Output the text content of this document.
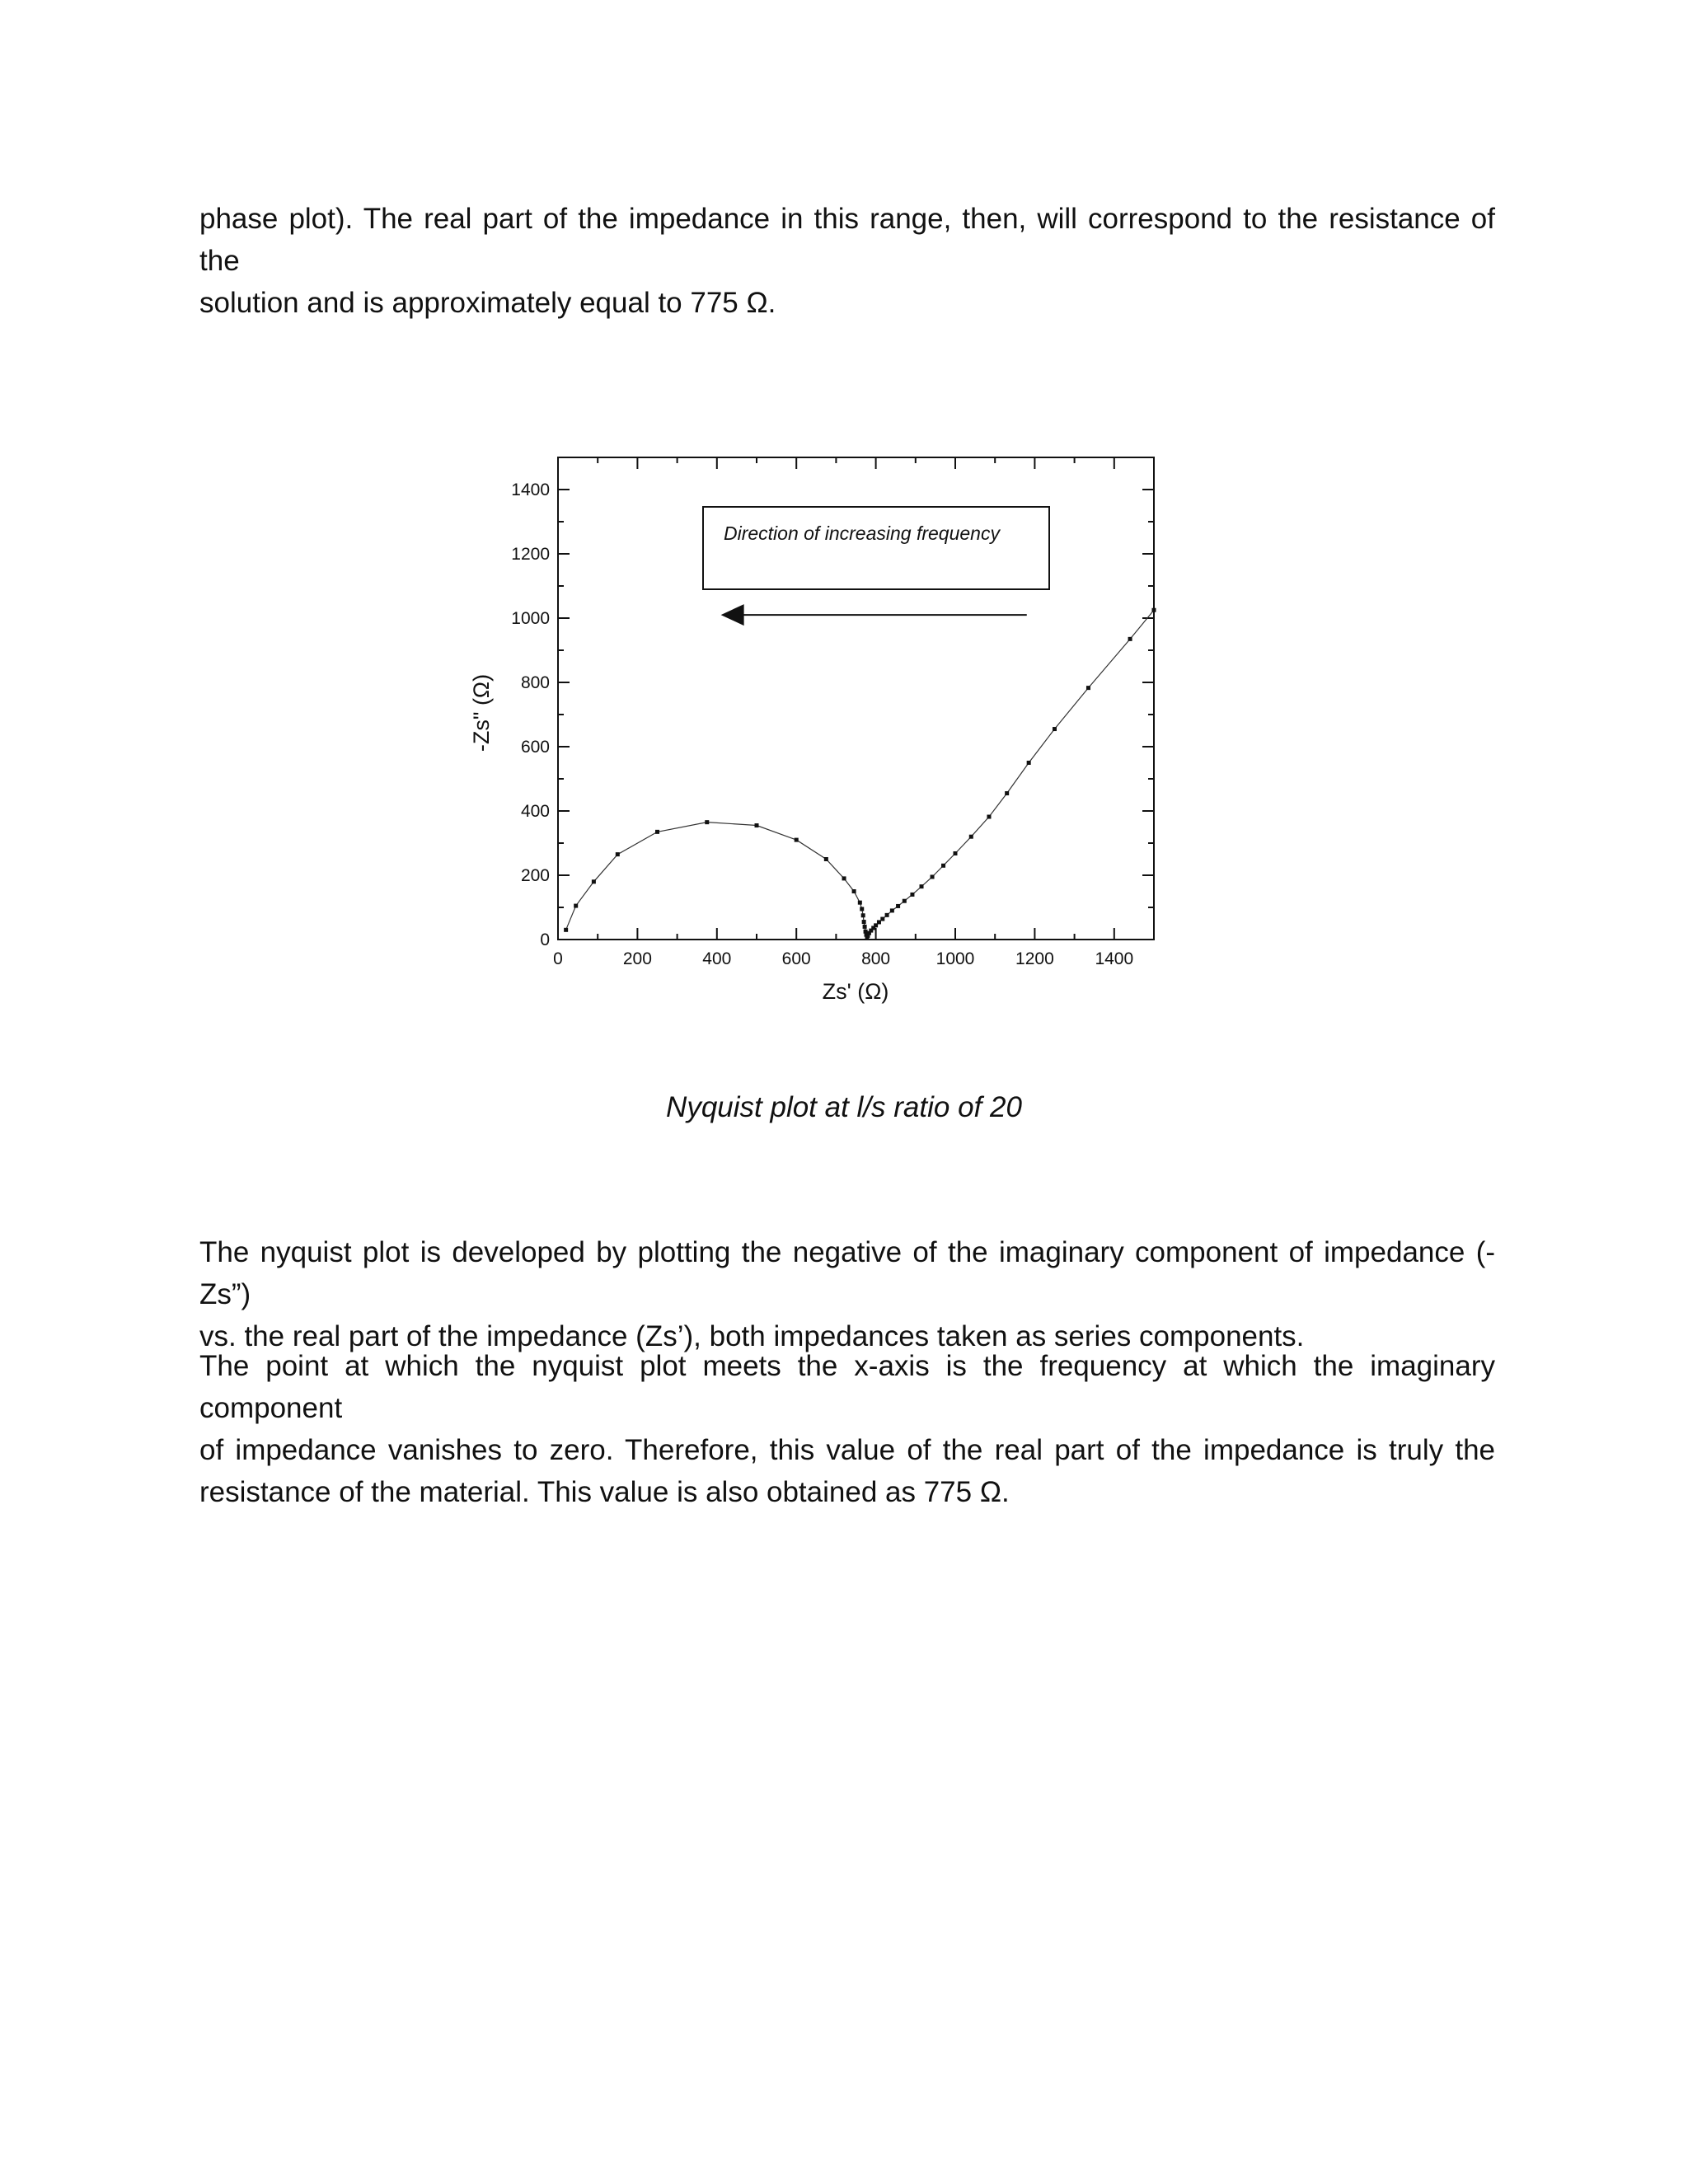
phase plot). The real part of the impedance in this range, then, will correspond to the resistance of the
solution and is approximately equal to 775 Ω.

0	200	400	600	800	1000 1200 1400
0
200
400
600
800
1000
1200
1400
Direction of increasing frequency
Zs' (Ω)
-Zs" (Ω)

Nyquist plot at l/s ratio of 20

The nyquist plot is developed by plotting the negative of the imaginary component of impedance (-Zs”)
vs. the real part of the impedance (Zs’), both impedances taken as series components.

The point at which the nyquist plot meets the x-axis is the frequency at which the imaginary component
of impedance vanishes to zero. Therefore, this value of the real part of the impedance is truly the
resistance of the material. This value is also obtained as 775 Ω.
